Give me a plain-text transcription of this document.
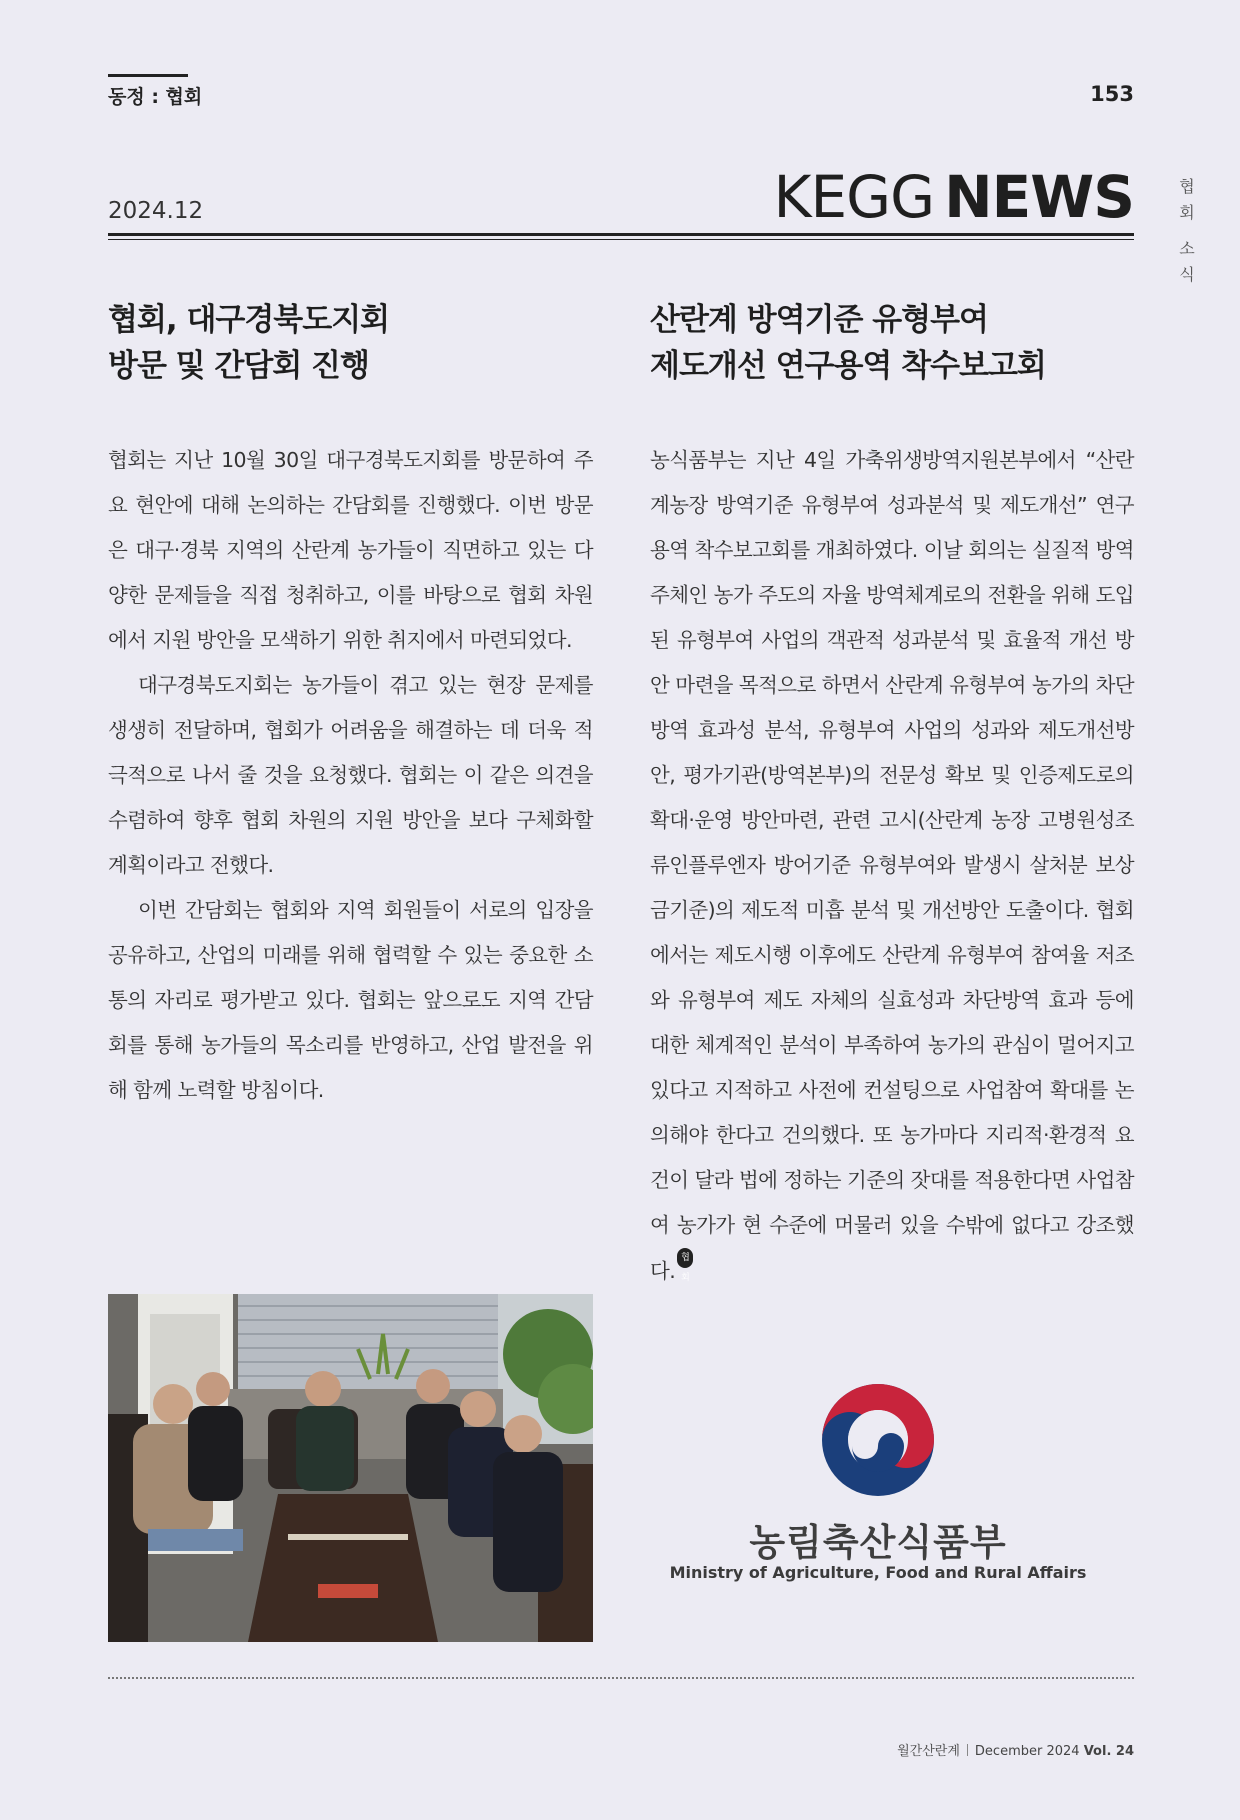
동정 : 협회	153
협
회
소
식
2024.12	KEGG NEWS
협회, 대구경북도지회
방문 및 간담회 진행

협회는 지난 10월 30일 대구경북도지회를 방문하여 주요 현안에 대해 논의하는 간담회를 진행했다. 이번 방문은 대구·경북 지역의 산란계 농가들이 직면하고 있는 다양한 문제들을 직접 청취하고, 이를 바탕으로 협회 차원에서 지원 방안을 모색하기 위한 취지에서 마련되었다.

대구경북도지회는 농가들이 겪고 있는 현장 문제를 생생히 전달하며, 협회가 어려움을 해결하는 데 더욱 적극적으로 나서 줄 것을 요청했다. 협회는 이 같은 의견을 수렴하여 향후 협회 차원의 지원 방안을 보다 구체화할 계획이라고 전했다.

이번 간담회는 협회와 지역 회원들이 서로의 입장을 공유하고, 산업의 미래를 위해 협력할 수 있는 중요한 소통의 자리로 평가받고 있다. 협회는 앞으로도 지역 간담회를 통해 농가들의 목소리를 반영하고, 산업 발전을 위해 함께 노력할 방침이다.

산란계 방역기준 유형부여
제도개선 연구용역 착수보고회

농식품부는 지난 4일 가축위생방역지원본부에서 “산란계농장 방역기준 유형부여 성과분석 및 제도개선” 연구용역 착수보고회를 개최하였다. 이날 회의는 실질적 방역주체인 농가 주도의 자율 방역체계로의 전환을 위해 도입된 유형부여 사업의 객관적 성과분석 및 효율적 개선 방안 마련을 목적으로 하면서 산란계 유형부여 농가의 차단방역 효과성 분석, 유형부여 사업의 성과와 제도개선방안, 평가기관(방역본부)의 전문성 확보 및 인증제도로의 확대·운영 방안마련, 관련 고시(산란계 농장 고병원성조류인플루엔자 방어기준 유형부여와 발생시 살처분 보상금기준)의 제도적 미흡 분석 및 개선방안 도출이다. 협회에서는 제도시행 이후에도 산란계 유형부여 참여율 저조와 유형부여 제도 자체의 실효성과 차단방역 효과 등에 대한 체계적인 분석이 부족하여 농가의 관심이 멀어지고 있다고 지적하고 사전에 컨설팅으로 사업참여 확대를 논의해야 한다고 건의했다. 또 농가마다 지리적·환경적 요건이 달라 법에 정하는 기준의 잣대를 적용한다면 사업참여 농가가 현 수준에 머물러 있을 수밖에 없다고 강조했다.협회

농림축산식품부
Ministry of Agriculture, Food and Rural Affairs
월간산란계 December 2024 Vol. 24
